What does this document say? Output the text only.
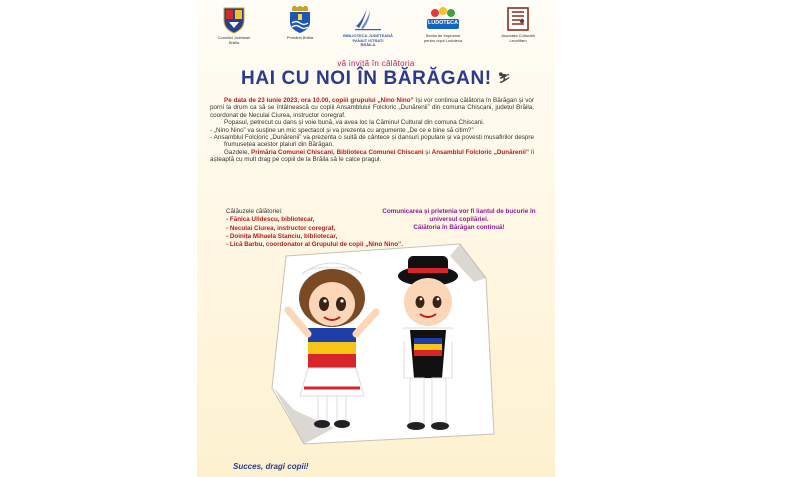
Consiliul Județean
Brăila
Primăria Brăila	BIBLIOTECA JUDEȚEANĂ
PANAIT ISTRATI
BRĂILA
LUDOTECA
Secția de împrumut
pentru copii Ludoteca
Asociația Culturală
Levolifam
vă invită în călătoria
HAI CU NOI ÎN BĂRĂGAN! ⛷

Pe data de 23 iunie 2023, ora 10.00, copiii grupului „Nino Nino” își vor continua călătoria în Bărăgan și vor porni la drum ca să se întâlnească cu copiii Ansamblului Folcloric „Dunărenii” din comuna Chiscani, județul Brăila, coordonat de Neculai Ciurea, instructor coregraf.

Popasul, petrecut cu dans și voie bună, va avea loc la Căminul Cultural din comuna Chiscani.

- „Nino Nino” va susține un mic spectacol și va prezenta cu argumente „De ce e bine să citim?”

- Ansamblul Folcloric „Dunărenii” va prezenta o suită de cântece și dansuri populare și va povesti musafirilor despre frumusețea acestor plaiuri din Bărăgan.

Gazdele, Primăria Comunei Chiscani, Biblioteca Comunei Chiscani și Ansamblul Folcloric „Dunărenii” îi așteaptă cu mult drag pe copiii de la Brăila să le calce pragul.

Comunicarea și prietenia vor fi liantul de bucurie în universul copilăriei.
Călătoria în Bărăgan continuă!
Călăuzele călătoriei:
- Fănica Ulidescu, bibliotecar,
- Neculai Ciurea, instructor coregraf,
- Doinița Mihaela Stanciu, bibliotecar,
- Lică Barbu, coordonator al Grupului de copii „Nino Nino”.
Succes, dragi copii!
